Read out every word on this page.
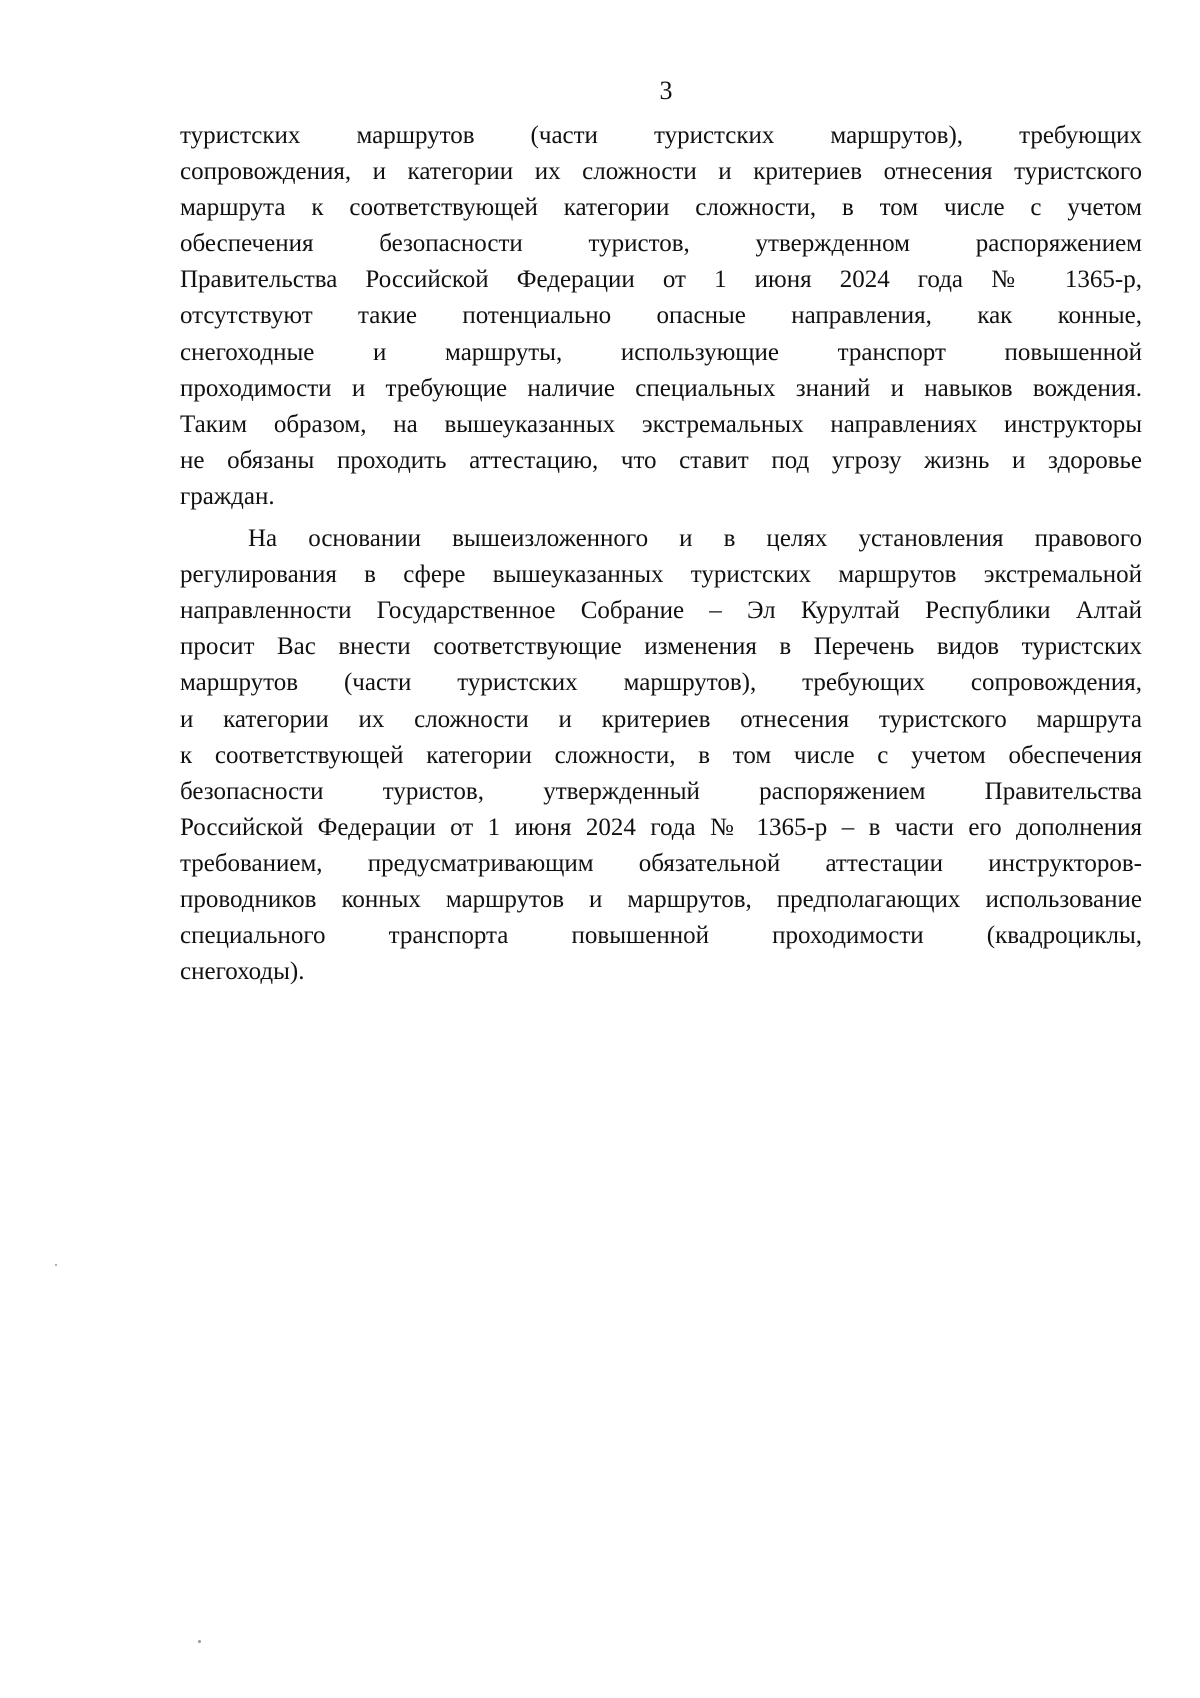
3
туристских маршрутов (части туристских маршрутов), требующих
сопровождения, и категории их сложности и критериев отнесения туристского
маршрута к соответствующей категории сложности, в том числе с учетом
обеспечения безопасности туристов, утвержденном распоряжением
Правительства Российской Федерации от 1 июня 2024 года № 1365-р,
отсутствуют такие потенциально опасные направления, как конные,
снегоходные и маршруты, использующие транспорт повышенной
проходимости и требующие наличие специальных знаний и навыков вождения.
Таким образом, на вышеуказанных экстремальных направлениях инструкторы
не обязаны проходить аттестацию, что ставит под угрозу жизнь и здоровье
граждан.
На основании вышеизложенного и в целях установления правового
регулирования в сфере вышеуказанных туристских маршрутов экстремальной
направленности Государственное Собрание – Эл Курултай Республики Алтай
просит Вас внести соответствующие изменения в Перечень видов туристских
маршрутов (части туристских маршрутов), требующих сопровождения,
и категории их сложности и критериев отнесения туристского маршрута
к соответствующей категории сложности, в том числе с учетом обеспечения
безопасности туристов, утвержденный распоряжением Правительства
Российской Федерации от 1 июня 2024 года № 1365-р – в части его дополнения
требованием, предусматривающим обязательной аттестации инструкторов-
проводников конных маршрутов и маршрутов, предполагающих использование
специального транспорта повышенной проходимости (квадроциклы,
снегоходы).
